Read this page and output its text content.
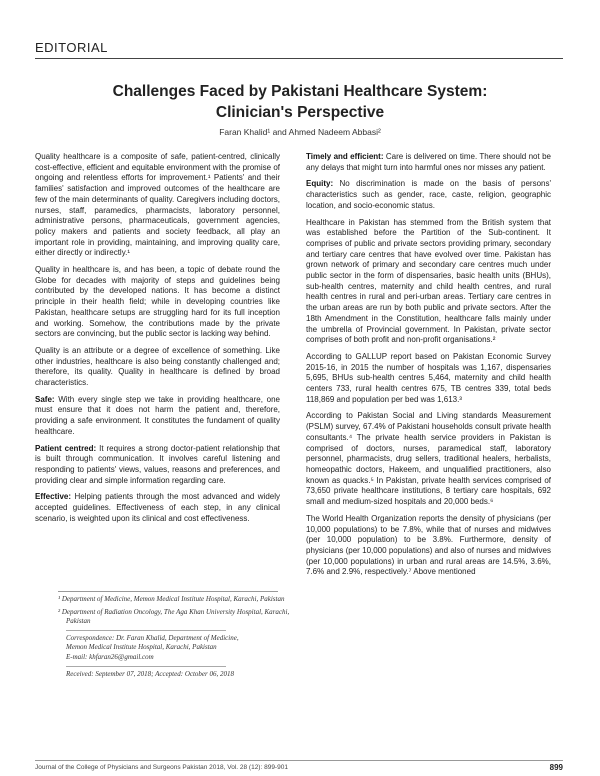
EDITORIAL
Challenges Faced by Pakistani Healthcare System:
Clinician's Perspective
Faran Khalid¹ and Ahmed Nadeem Abbasi²

Quality healthcare is a composite of safe, patient-centred, clinically cost-effective, efficient and equitable environment with the promise of ongoing and relentless efforts for improvement.¹ Patients' and their families' satisfaction and improved outcomes of the healthcare are few of the main determinants of quality. Caregivers including doctors, nurses, staff, paramedics, pharmacists, laboratory personnel, administrative persons, pharmaceuticals, government agencies, policy makers and patients and society feedback, all play an important role in providing, maintaining, and improving quality care, either directly or indirectly.¹

Quality in healthcare is, and has been, a topic of debate round the Globe for decades with majority of steps and guidelines being contributed by the developed nations. It has become a distinct principle in their health field; while in developing countries like Pakistan, healthcare setups are struggling hard for its full inception and working. Somehow, the contributions made by the private sectors are convincing, but the public sector is lacking way behind.

Quality is an attribute or a degree of excellence of something. Like other industries, healthcare is also being constantly challenged and; therefore, its quality. Quality in healthcare is defined by broad characteristics.

Safe: With every single step we take in providing healthcare, one must ensure that it does not harm the patient and, therefore, providing a safe environment. It constitutes the fundament of quality healthcare.

Patient centred: It requires a strong doctor-patient relationship that is built through communication. It involves careful listening and responding to patients' views, values, reasons and preferences, and providing clear and simple information regarding care.

Effective: Helping patients through the most advanced and widely accepted guidelines. Effectiveness of each step, in any clinical scenario, is weighted upon its clinical and cost effectiveness.

Timely and efficient: Care is delivered on time. There should not be any delays that might turn into harmful ones nor misses any patient.

Equity: No discrimination is made on the basis of persons' characteristics such as gender, race, caste, religion, geographic location, and socio-economic status.

Healthcare in Pakistan has stemmed from the British system that was established before the Partition of the Sub-continent. It comprises of public and private sectors providing primary, secondary and tertiary care centres that have evolved over time. Pakistan has grown network of primary and secondary care centres much under public sector in the form of dispensaries, basic health units (BHUs), sub-health centres, maternity and child health centres, and rural health centres in rural and peri-urban areas. Tertiary care centres in the urban areas are run by both public and private sectors. After the 18th Amendment in the Constitution, healthcare falls mainly under the umbrella of Provincial government. In Pakistan, private sector comprises of both profit and non-profit organisations.²

According to GALLUP report based on Pakistan Economic Survey 2015-16, in 2015 the number of hospitals was 1,167, dispensaries 5,695, BHUs sub-health centres 5,464, maternity and child health centers 733, rural health centres 675, TB centres 339, total beds 118,869 and population per bed was 1,613.³

According to Pakistan Social and Living standards Measurement (PSLM) survey, 67.4% of Pakistani households consult private health consultants.⁴ The private health service providers in Pakistan is comprised of doctors, nurses, paramedical staff, laboratory personnel, pharmacists, drug sellers, traditional healers, herbalists, homeopathic doctors, Hakeem, and unqualified practitioners, also known as quacks.⁵ In Pakistan, private health services comprised of 73,650 private healthcare institutions, 8 tertiary care hospitals, 692 small and medium-sized hospitals and 20,000 beds.⁶

The World Health Organization reports the density of physicians (per 10,000 populations) to be 7.8%, while that of nurses and midwives (per 10,000 population) to be 3.8%. Furthermore, density of physicians (per 10,000 populations) and also of nurses and midwives (per 10,000 populations) in urban and rural areas are 14.5%, 3.6%, 7.6% and 2.9%, respectively.⁷ Above mentioned

¹ Department of Medicine, Memon Medical Institute Hospital, Karachi, Pakistan
² Department of Radiation Oncology, The Aga Khan University Hospital, Karachi, Pakistan
Correspondence: Dr. Faran Khalid, Department of Medicine,
Memon Medical Institute Hospital, Karachi, Pakistan
E-mail: khfaran26@gmail.com
Received: September 07, 2018; Accepted: October 06, 2018
Journal of the College of Physicians and Surgeons Pakistan 2018, Vol. 28 (12): 899-901	899
